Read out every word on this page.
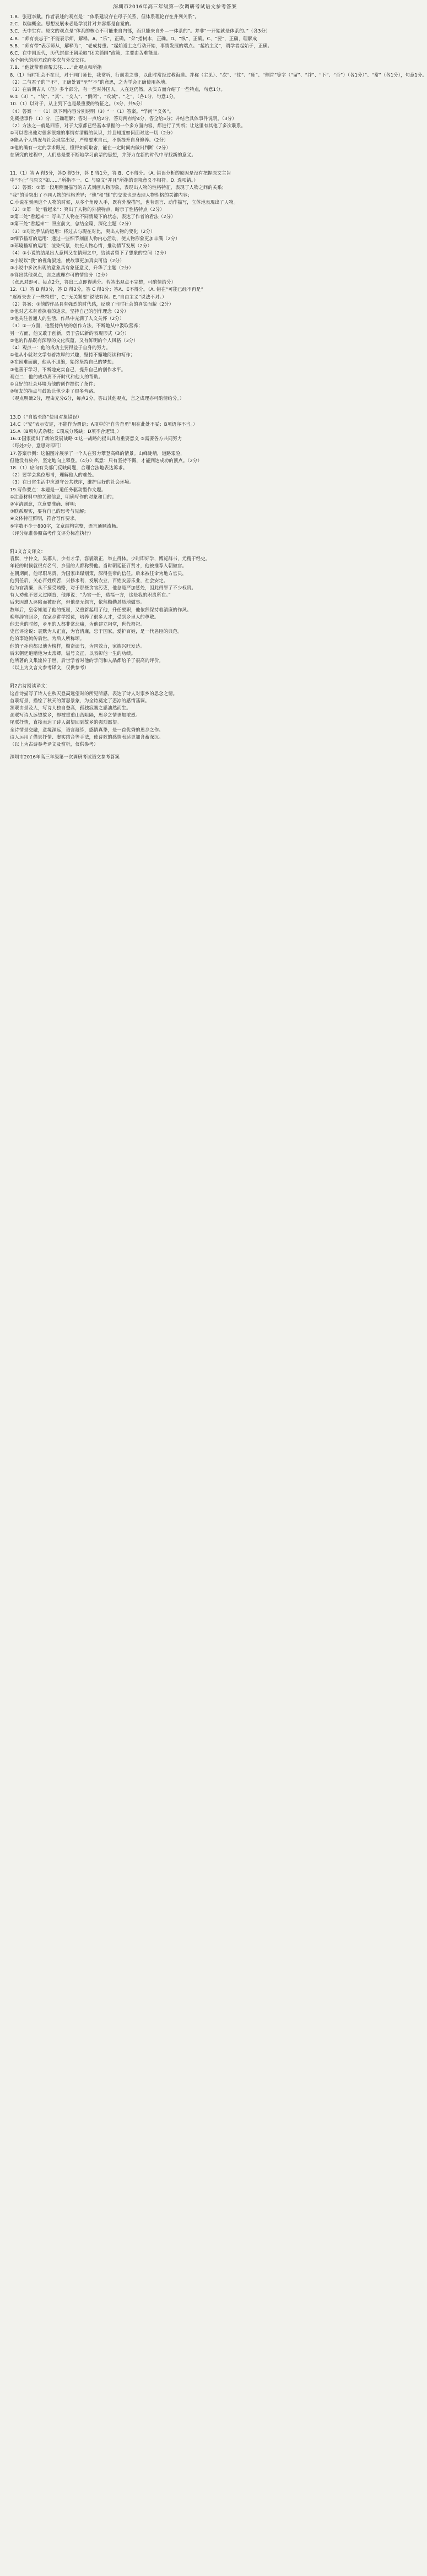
深圳市2016年高三年级第一次调研考试语文参考答案
1.B．张冠李戴。作者表述的观点是：“体系建设存在母子关系，但体系理论存在并列关系”。
2.C．以偏概全。思想发展未必是学说针对并容都是自觉的。
3.C．无中生有。原文的观点是“体系的核心不可能来自内部，而只能来自外—一体系的”。并非“一开始就是体系的。”（各3分）
4.B．“师有丧忘于”不能表示师，解释。A、“乐”，正确。“朵”指树木，正确。D、“纵”，正确。C、“要”，正确，理解成
5.B．“师有带”表示师从，解释为“，“老成持重。“起始道士之行动开始，事情发展的端点。“起始主义”，谓学者起始于，正确。
6.C．在中国近代，历代封建王朝采取“闭关锁国”政策，主要由苦难能量。
各个朝代的地方政府多次与外交交往。
7.B．“他就带着商帮去往……”此观点和所指
8.（1）当时社会不在世，对于同门师长，我常听，行前辈之事，以此时常经过教诲道。并称（主见）、“次”、“仗”、“师”、“侧首”等字（“留”、“并”、“下”、“否”）（各1分）”、“常”（各1分），句意1分。
（2）二与君子的”“不”，正确处置“至”“不”的意思，之为学会正确使用各地。
（3）在后期古人（但）多个部分，有一些对外国人，人在这仍然，从实方面介绍了一些特点，句意1分。
9.①（3）“、“故”、“其”、“交人”、“倒闭”、“攻城”、“之”，（各1分，句意1分。
10.（1）以对于，从上到下也是最重要的特征之。（3分，共5分）
（4）答案一一（1）以下列内容分别说明（3）“一（1）答案。“学问”“义务”。
先概括事件（1）分，正确理解；答对一点给2分，答对两点给4分，答全给5分；并结合具体事件说明。（3分）
（2）方法之一就是回答，对于大家都已经基本掌握的一个多方面内容，都进行了判断；让这里有其他了多次联系。
①可以看出他对很多很难的事情有清醒的认识，并且知道如何面对这一切（2分）
②能从个人情况与社会现实出发，严格要求自己，不断提升自身修养。（2分）
③他的确有一定的学术眼光，懂得如何取舍，能在一定时间内做出判断（2分）
在研究的过程中，人们总是要不断地学习前辈的思想，并努力在新的时代中寻找新的意义。
11.（1）答 A 得5分，答D 得3分，答 E 得1分，答 B、C不得分。（A. 错误分析的原因是没有把握原文主旨
中“不止”与原文“如……”所指不一。C. 与原文“并且”所指的语境意义不相符。D. 选项错。）
（2）答案：①第一段用侧面描写的方式刻画人物形象，表现出人物的性格特征，表现了人物之间的关系；
“我”的话突出了不同人物的性格差异；“他”和“她”的交流也是表现人物性格的关键内容；
C.小说在刻画这个人物的时候，从多个角度入手，既有外貌描写，也有语言、动作描写，立体地表现出了人物。
（2）①第一处“看起来”：突出了人物的外貌特点，暗示了性格特点（2分）
②第二处“看起来”：写出了人物在不同情境下的状态，表达了作者的看法（2分）
③第三处“看起来”：照应前文，总结全篇，深化主题（2分）
（3）①对比手法的运用：将过去与现在对比，突出人物的变化（2分）
②细节描写的运用：通过一些细节刻画人物内心活动，使人物形象更加丰满（2分）
③环境描写的运用：渲染气氛，烘托人物心情，推动情节发展（2分）
（4）①小说的结尾出人意料又在情理之中，给读者留下了想象的空间（2分）
②小说以“我”的视角叙述，使故事更加真实可信（2分）
③小说中多次出现的意象具有象征意义，升华了主题（2分）
④答出其他观点，言之成理亦可酌情给分（2分）
（意思对即可。每点2分，答出三点即得满分。若答出观点不完整，可酌情给分）
12.（1）答 B 得3分，答 D 得2分，答 C 得1分；答A、E不得分。（A. 错在“可能已经不再是”
“逐渐失去了一些特质”，C.“无关紧要”说法有误。E.“自由主义”说法不对。）
（2）答案：①他的作品具有强烈的时代感，反映了当时社会的真实面貌（2分）
②他对艺术有着执着的追求，坚持自己的创作理念（2分）
③他关注普通人的生活，作品中充满了人文关怀（2分）
（3）①一方面，他坚持传统的创作方法，不断地从中汲取营养；
另一方面，他又敢于创新，勇于尝试新的表现形式（3分）
②他的作品既有深厚的文化底蕴，又有鲜明的个人风格（3分）
（4）观点一：他的成功主要得益于自身的努力。
①他从小就对文学有着浓厚的兴趣，坚持不懈地阅读和写作；
②在困难面前，他从不退缩，始终坚持自己的梦想；
③他善于学习，不断地充实自己，提升自己的创作水平。
观点二：他的成功离不开时代和他人的帮助。
①良好的社会环境为他的创作提供了条件；
②师友的指点与鼓励让他少走了很多弯路。
（观点明确2分，理由充分6分，每点2分。答出其他观点，言之成理亦可酌情给分。）
13.D（“自始至终”使用对象错误）
14.C（“安”表示安定，不能作为谓语；A项中的“自告奋勇”用在此处不妥；B项语序不当。）
15.A（B项句式杂糅；C项成分残缺；D项不合逻辑。）
16.①国家提出了新的发展战略 ②这一战略的提出具有重要意义 ③需要各方共同努力
（每处2分，意思对即可）
17.答案示例：这幅图片展示了一个人在努力攀登高峰的情景。山峰陡峭，道路艰险，
但他没有放弃，坚定地向上攀登。（4分）寓意：只有坚持不懈，才能到达成功的顶点。（2分）
18.（1）应向有关部门反映问题，合理合法地表达诉求。
（2）要学会换位思考，理解他人的难处。
（3）在日常生活中应遵守公共秩序，维护良好的社会环境。
19.写作要点：本题是一道任务驱动型作文题。
①注意材料中的关键信息，明确写作的对象和目的；
②审清题意，立意要准确、鲜明；
③联系现实，要有自己的思考与见解；
④文体特征鲜明，符合写作要求。
⑤字数不少于800字，文章结构完整，语言通顺流畅。
（评分标准参照高考作文评分标准执行）
附1文言文译文：
袁默，字仲文，吴郡人，少有才学，容貌端正，举止得体。少时即好学，博览群书，尤精于经史。
年轻的时候就很有名气，乡里的人都称赞他。当时朝廷征召贤才，他被推荐入朝做官。
在朝期间，他尽职尽责，为国家出谋划策，深得皇帝的信任。后来被任命为地方官员，
他到任后，关心百姓疾苦，兴修水利，发展农业，百姓安居乐业，社会安定。
他为官清廉，从不接受贿赂，对于那些贪官污吏，他总是严加惩处，因此得罪了不少权贵。
有人劝他不要太过刚直，他却说：“为官一任，造福一方，这是我的职责所在。”
后来因遭人诬陷而被贬官，但他毫无怨言，依然勤勤恳恳地做事。
数年后，皇帝知道了他的冤屈，又重新起用了他，升任要职，他依然保持着清廉的作风。
晚年辞官回乡，在家乡讲学授徒，培养了很多人才，受到乡里人的尊敬。
他去世的时候，乡里的人都非常悲痛，为他建立祠堂，世代祭祀。
史官评论说：袁默为人正直，为官清廉，忠于国家，爱护百姓，是一代名臣的典范。
他的事迹流传后世，为后人所称颂。
他的子孙也都以他为榜样，勤奋读书，为国效力，家族兴旺发达。
后来朝廷追赠他为太常卿，谥号文正，以表彰他一生的功绩。
他所著的文集流传于世，后世学者对他的学问和人品都给予了很高的评价。
（以上为文言文参考译文，仅供参考）
附2古诗阅读译文：
这首诗描写了诗人在秋天登高远望时的所见所感，表达了诗人对家乡的思念之情。
首联写景，描绘了秋天的萧瑟景象，为全诗奠定了悲凉的感情基调。
颔联由景及人，写诗人独自登高，孤独寂寞之感油然而生。
颈联写诗人远望故乡，却被重重山峦阻隔，思乡之情更加浓烈。
尾联抒情，直接表达了诗人渴望回到故乡的强烈愿望。
全诗情景交融，意境深远，语言凝练，感情真挚，是一首优秀的思乡之作。
诗人运用了借景抒情、虚实结合等手法，使诗歌的感情表达更加含蓄深沉。
（以上为古诗参考译文及赏析，仅供参考）
深圳市2016年高三年级第一次调研考试语文参考答案
